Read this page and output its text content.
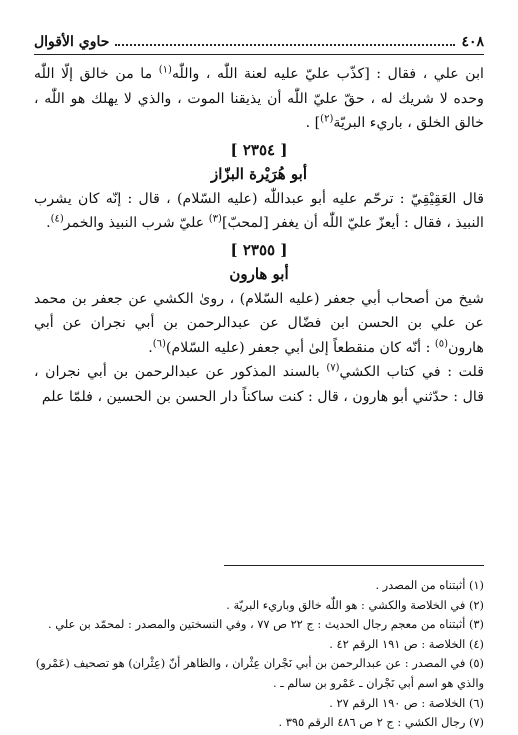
٤٠٨
حاوي الأقوال

ابن علي ، فقال : [كذّب عليّ عليه لعنة اللّٰه ، واللّٰه$^{(١)}$ ما من خالق إلّا اللّٰه وحده لا شريك له ، حقّ عليّ اللّٰه أن يذيقنا الموت ، والذي لا يهلك هو اللّٰه ، خالق الخلق ، باريء البريّة$^{(٢)}$] .

[ ٢٣٥٤ ]
أبو هُرَيْرة البزّاز

قال العَقِيْقِيّ : ترحّم عليه أبو عبداللّٰه (عليه السّلام) ، قال : إنّه كان يشرب النبيذ ، فقال : أيعزّ عليّ اللّٰه أن يغفر [لمحبّ]$^{(٣)}$ عليّ شرب النبيذ والخمر$^{(٤)}$.

[ ٢٣٥٥ ]
أبو هارون

شيخ من أصحاب أبي جعفر (عليه السّلام) ، روىٰ الكشي عن جعفر بن محمد عن علي بن الحسن ابن فضّال عن عبدالرحمن بن أبي نجران عن أبي هارون$^{(٥)}$ : أنّه كان منقطعاً إلىٰ أبي جعفر (عليه السّلام)$^{(٦)}$.

قلت : في كتاب الكشي$^{(٧)}$ بالسند المذكور عن عبدالرحمن بن أبي نجران ، قال : حدّثني أبو هارون ، قال : كنت ساكناً دار الحسن بن الحسين ، فلمّا علم

(١) أثبتناه من المصدر .

(٢) في الخلاصة والكشي : هو اللّٰه خالق وباريء البريّة .

(٣) أثبتناه من معجم رجال الحديث : ج ٢٢ ص ٧٧ ، وفي النسختين والمصدر : لمحمّد بن علي .

(٤) الخلاصة : ص ١٩١ الرقم ٤٢ .

(٥) في المصدر : عن عبدالرحمن بن أبي نَجْران عِثْران ، والظاهر أنّ (عِثْران) هو تصحيف (عَمْرو) والذي هو اسم أبي نَجْران ـ عَمْرو بن سالم ـ .

(٦) الخلاصة : ص ١٩٠ الرقم ٢٧ .

(٧) رجال الكشي : ج ٢ ص ٤٨٦ الرقم ٣٩٥ .
